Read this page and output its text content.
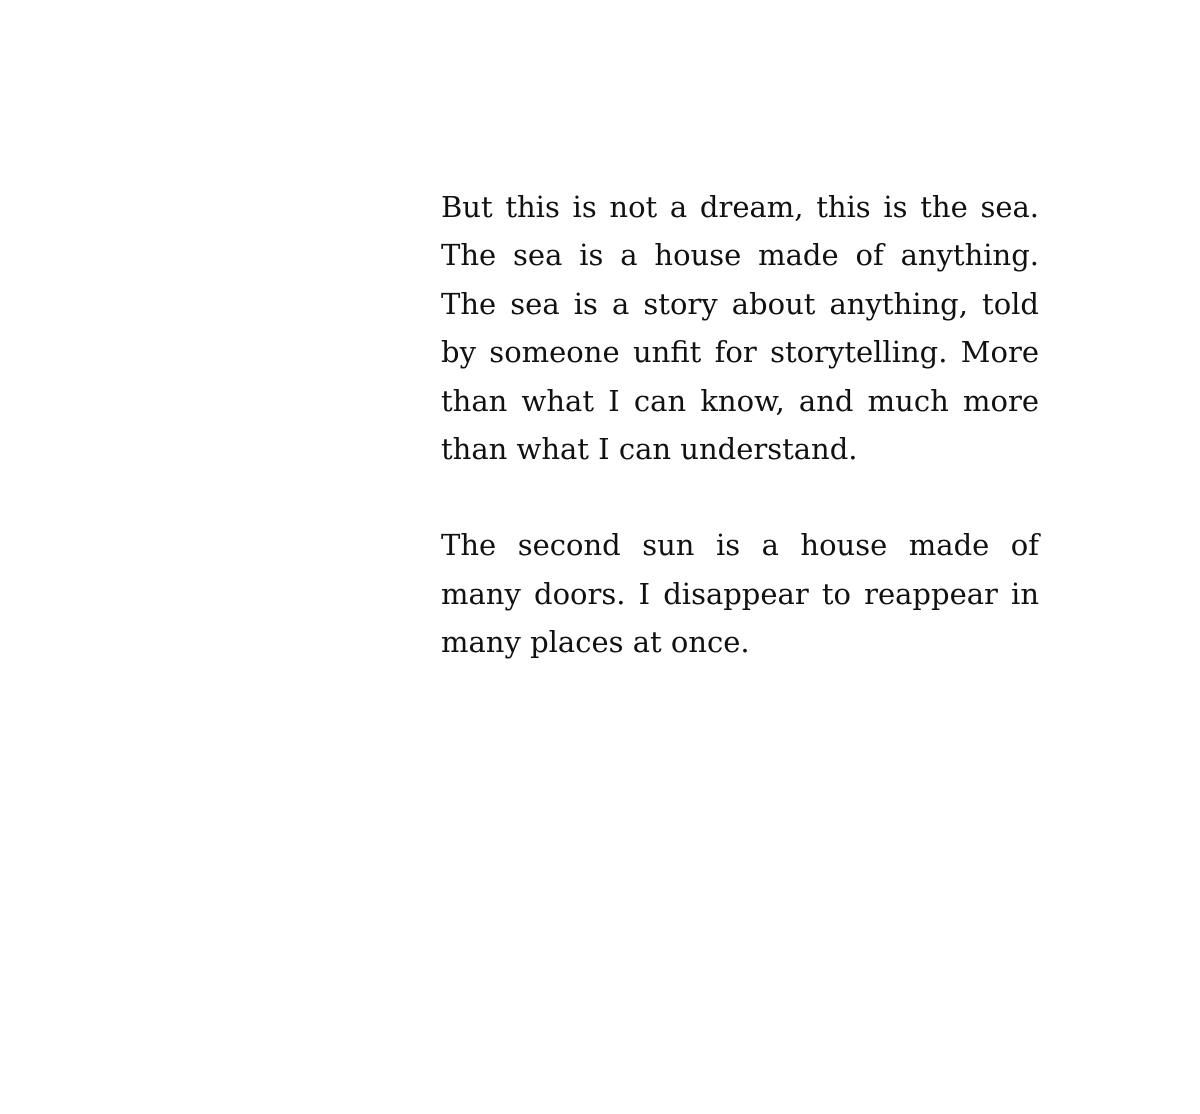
But this is not a dream, this is the sea. The sea is a house made of anything. The sea is a story about anything, told by someone unfit for storytelling. More than what I can know, and much more than what I can understand.

The second sun is a house made of many doors. I disappear to reappear in many places at once.
